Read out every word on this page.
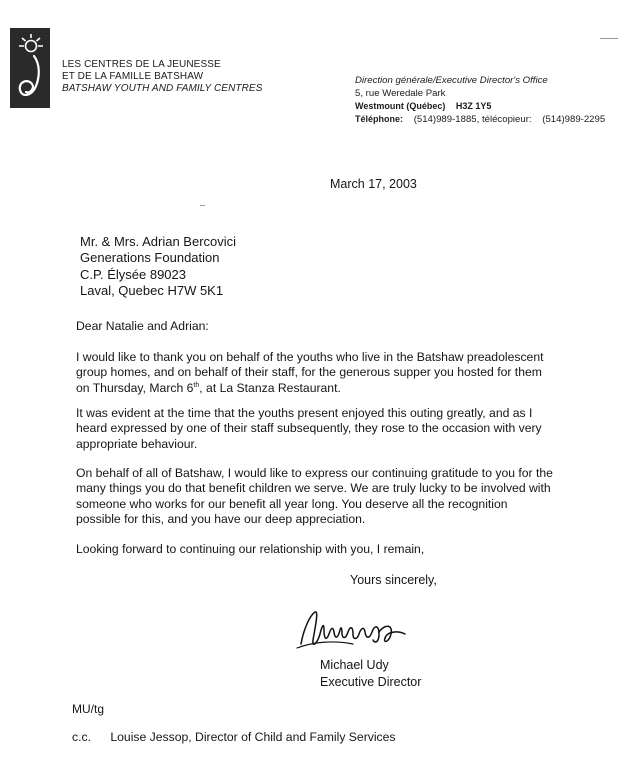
LES CENTRES DE LA JEUNESSE
ET DE LA FAMILLE BATSHAW
BATSHAW YOUTH AND FAMILY CENTRES
Direction générale/Executive Director's Office
5, rue Weredale Park
Westmount (Québec) H3Z 1Y5
Téléphone: (514)989-1885, télécopieur: (514)989-2295
March 17, 2003
Mr. & Mrs. Adrian Bercovici
Generations Foundation
C.P. Élysée 89023
Laval, Quebec H7W 5K1
Dear Natalie and Adrian:
I would like to thank you on behalf of the youths who live in the Batshaw preadolescent
group homes, and on behalf of their staff, for the generous supper you hosted for them
on Thursday, March 6th, at La Stanza Restaurant.
It was evident at the time that the youths present enjoyed this outing greatly, and as I
heard expressed by one of their staff subsequently, they rose to the occasion with very
appropriate behaviour.
On behalf of all of Batshaw, I would like to express our continuing gratitude to you for the
many things you do that benefit children we serve. We are truly lucky to be involved with
someone who works for our benefit all year long. You deserve all the recognition
possible for this, and you have our deep appreciation.
Looking forward to continuing our relationship with you, I remain,
Yours sincerely,
Michael Udy
Executive Director
MU/tg
c.c. Louise Jessop, Director of Child and Family Services
